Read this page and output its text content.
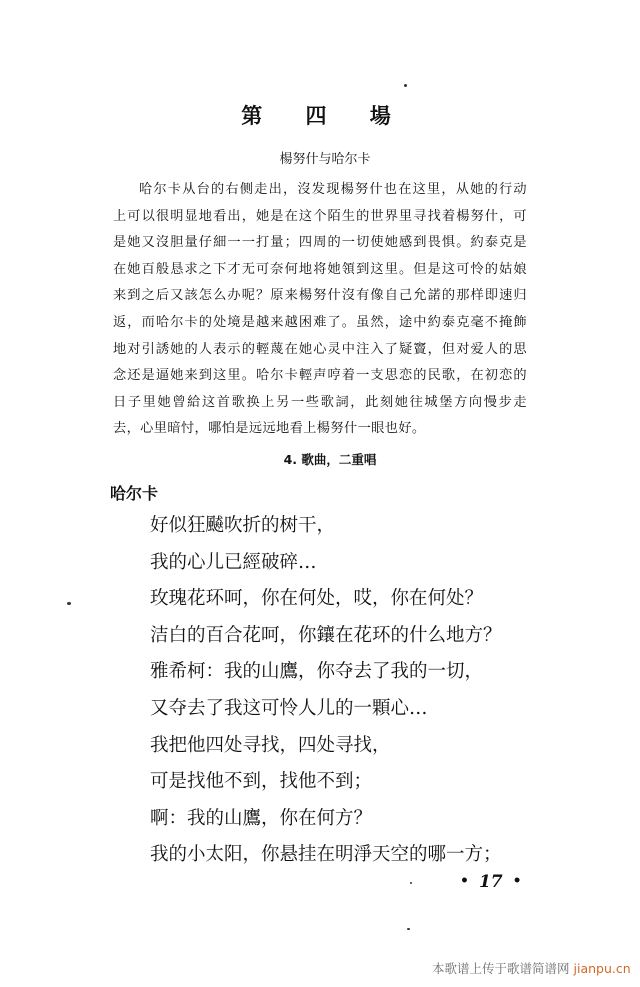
第 四 場
楊努什与哈尔卡
哈尔卡从台的右侧走出，沒发现楊努什也在这里，从她的行动
上可以很明显地看出，她是在这个陌生的世界里寻找着楊努什，可
是她又沒胆量仔細一一打量；四周的一切使她感到畏惧。約泰克是
在她百般恳求之下才无可奈何地将她領到这里。但是这可怜的姑娘
来到之后又該怎么办呢？原来楊努什沒有像自己允諾的那样即速归
返，而哈尔卡的处境是越来越困难了。虽然，途中約泰克毫不掩飾
地对引誘她的人表示的輕蔑在她心灵中注入了疑竇，但对爱人的思
念还是逼她来到这里。哈尔卡輕声哼着一支思恋的民歌，在初恋的
日子里她曾給这首歌换上另一些歌詞，此刻她往城堡方向慢步走
去，心里暗忖，哪怕是远远地看上楊努什一眼也好。
4. 歌曲，二重唱
哈尔卡
好似狂飇吹折的树干，
我的心儿已經破碎…
玫瑰花环呵，你在何处，哎，你在何处？
洁白的百合花呵，你鑲在花环的什么地方？
雅希柯：我的山鷹，你夺去了我的一切，
又夺去了我这可怜人儿的一顆心…
我把他四处寻找，四处寻找，
可是找他不到，找他不到；
啊：我的山鷹，你在何方？
我的小太阳，你悬挂在明淨天空的哪一方；
• 17 •
本歌谱上传于歌谱简谱网 jianpu.cn
